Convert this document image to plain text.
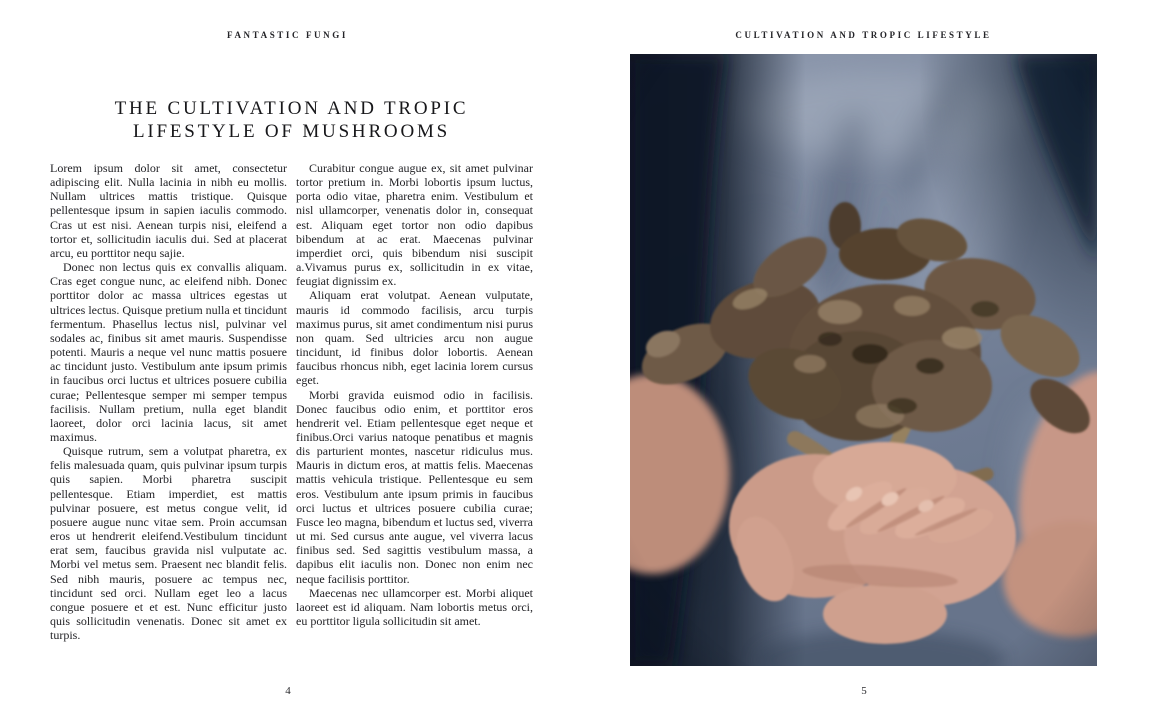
FANTASTIC FUNGI
THE CULTIVATION AND TROPIC
LIFESTYLE OF MUSHROOMS

Lorem ipsum dolor sit amet, consectetur adipiscing elit. Nulla lacinia in nibh eu mollis. Nullam ultrices mattis tristique. Quisque pellentesque ipsum in sapien iaculis commodo. Cras ut est nisi. Aenean turpis nisi, eleifend a tortor et, sollicitudin iaculis dui. Sed at placerat arcu, eu porttitor nequ sajie.

Donec non lectus quis ex convallis aliquam. Cras eget congue nunc, ac eleifend nibh. Donec porttitor dolor ac massa ultrices egestas ut ultrices lectus. Quisque pretium nulla et tincidunt fermentum. Phasellus lectus nisl, pulvinar vel sodales ac, finibus sit amet mauris. Suspendisse potenti. Mauris a neque vel nunc mattis posuere ac tincidunt justo. Vestibulum ante ipsum primis in faucibus orci luctus et ultrices posuere cubilia curae; Pellentesque semper mi semper tempus facilisis. Nullam pretium, nulla eget blandit laoreet, dolor orci lacinia lacus, sit amet maximus.

Quisque rutrum, sem a volutpat pharetra, ex felis malesuada quam, quis pulvinar ipsum turpis quis sapien. Morbi pharetra suscipit pellentesque. Etiam imperdiet, est mattis pulvinar posuere, est metus congue velit, id posuere augue nunc vitae sem. Proin accumsan eros ut hendrerit eleifend.Vestibulum tincidunt erat sem, faucibus gravida nisl vulputate ac. Morbi vel metus sem. Praesent nec blandit felis. Sed nibh mauris, posuere ac tempus nec, tincidunt sed orci. Nullam eget leo a lacus congue posuere et et est. Nunc efficitur justo quis sollicitudin venenatis. Donec sit amet ex turpis.

Curabitur congue augue ex, sit amet pulvinar tortor pretium in. Morbi lobortis ipsum luctus, porta odio vitae, pharetra enim. Vestibulum et nisl ullamcorper, venenatis dolor in, consequat est. Aliquam eget tortor non odio dapibus bibendum at ac erat. Maecenas pulvinar imperdiet orci, quis bibendum nisi suscipit a.Vivamus purus ex, sollicitudin in ex vitae, feugiat dignissim ex.

Aliquam erat volutpat. Aenean vulputate, mauris id commodo facilisis, arcu turpis maximus purus, sit amet condimentum nisi purus non quam. Sed ultricies arcu non augue tincidunt, id finibus dolor lobortis. Aenean faucibus rhoncus nibh, eget lacinia lorem cursus eget.

Morbi gravida euismod odio in facilisis. Donec faucibus odio enim, et porttitor eros hendrerit vel. Etiam pellentesque eget neque et finibus.Orci varius natoque penatibus et magnis dis parturient montes, nascetur ridiculus mus. Mauris in dictum eros, at mattis felis. Maecenas mattis vehicula tristique. Pellentesque eu sem eros. Vestibulum ante ipsum primis in faucibus orci luctus et ultrices posuere cubilia curae; Fusce leo magna, bibendum et luctus sed, viverra ut mi. Sed cursus ante augue, vel viverra lacus finibus sed. Sed sagittis vestibulum massa, a dapibus elit iaculis non. Donec non enim nec neque facilisis porttitor.

Maecenas nec ullamcorper est. Morbi aliquet laoreet est id aliquam. Nam lobortis metus orci, eu porttitor ligula sollicitudin sit amet.

4
CULTIVATION AND TROPIC LIFESTYLE
5
